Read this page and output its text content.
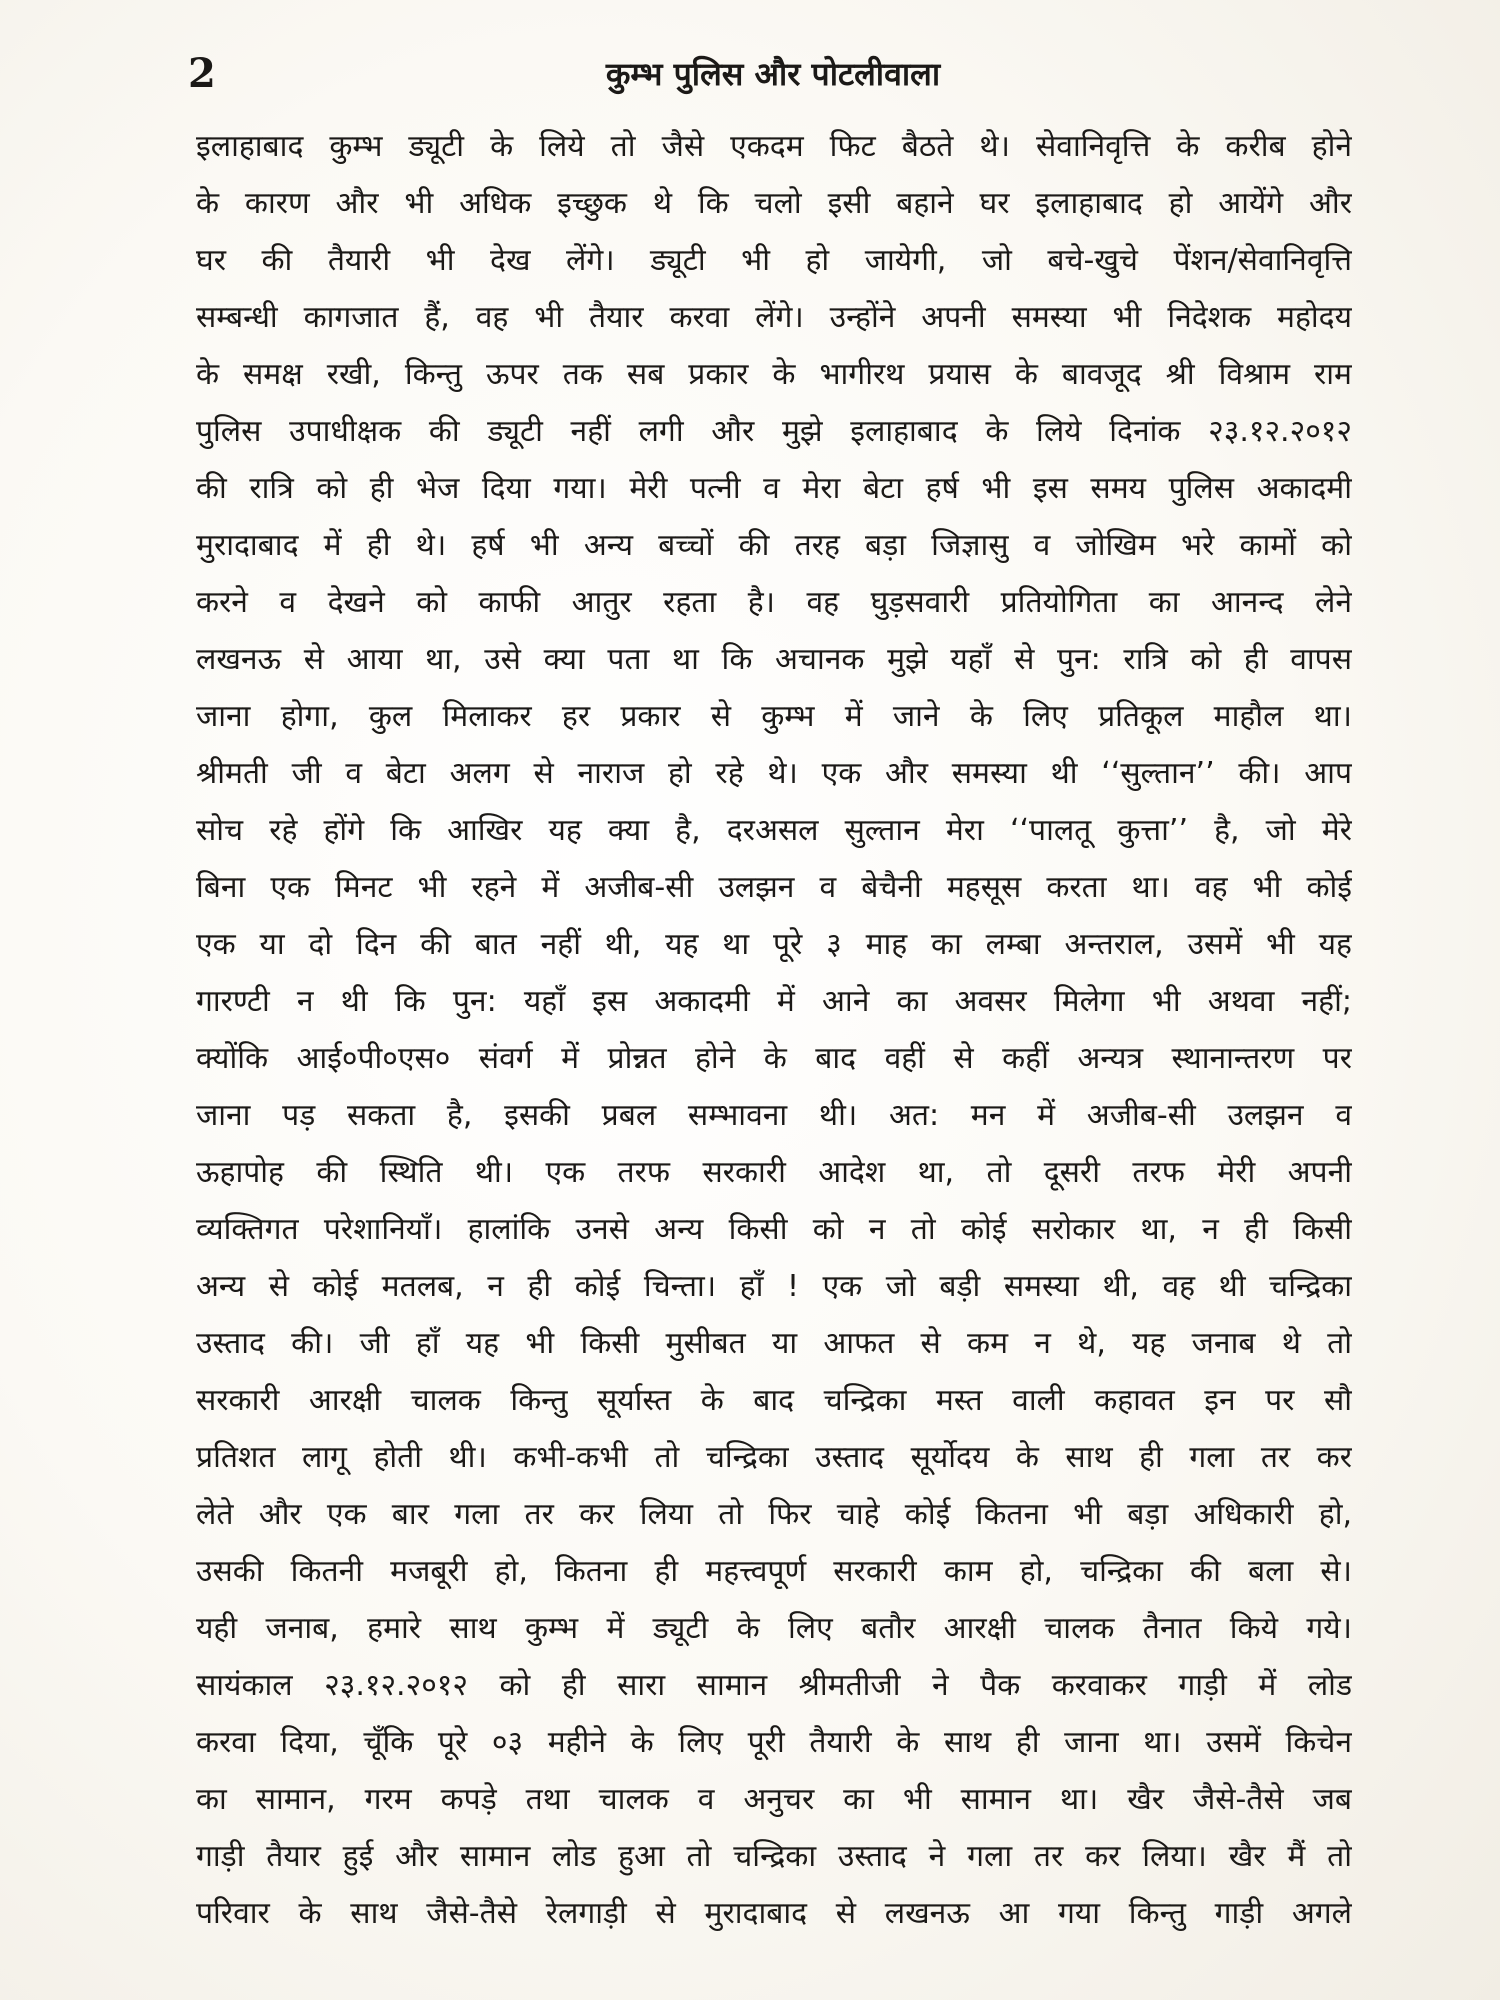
2	कुम्भ पुलिस और पोटलीवाला
इलाहाबाद कुम्भ ड्यूटी के लिये तो जैसे एकदम फिट बैठते थे। सेवानिवृत्ति के करीब होने
के कारण और भी अधिक इच्छुक थे कि चलो इसी बहाने घर इलाहाबाद हो आयेंगे और
घर की तैयारी भी देख लेंगे। ड्यूटी भी हो जायेगी, जो बचे-खुचे पेंशन/सेवानिवृत्ति
सम्बन्धी कागजात हैं, वह भी तैयार करवा लेंगे। उन्होंने अपनी समस्या भी निदेशक महोदय
के समक्ष रखी, किन्तु ऊपर तक सब प्रकार के भागीरथ प्रयास के बावजूद श्री विश्राम राम
पुलिस उपाधीक्षक की ड्यूटी नहीं लगी और मुझे इलाहाबाद के लिये दिनांक २३.१२.२०१२
की रात्रि को ही भेज दिया गया। मेरी पत्नी व मेरा बेटा हर्ष भी इस समय पुलिस अकादमी
मुरादाबाद में ही थे। हर्ष भी अन्य बच्चों की तरह बड़ा जिज्ञासु व जोखिम भरे कामों को
करने व देखने को काफी आतुर रहता है। वह घुड़सवारी प्रतियोगिता का आनन्द लेने
लखनऊ से आया था, उसे क्या पता था कि अचानक मुझे यहाँ से पुन: रात्रि को ही वापस
जाना होगा, कुल मिलाकर हर प्रकार से कुम्भ में जाने के लिए प्रतिकूल माहौल था।
श्रीमती जी व बेटा अलग से नाराज हो रहे थे। एक और समस्या थी ‘‘सुल्तान’’ की। आप
सोच रहे होंगे कि आखिर यह क्या है, दरअसल सुल्तान मेरा ‘‘पालतू कुत्ता’’ है, जो मेरे
बिना एक मिनट भी रहने में अजीब-सी उलझन व बेचैनी महसूस करता था। वह भी कोई
एक या दो दिन की बात नहीं थी, यह था पूरे ३ माह का लम्बा अन्तराल, उसमें भी यह
गारण्टी न थी कि पुन: यहाँ इस अकादमी में आने का अवसर मिलेगा भी अथवा नहीं;
क्योंकि आई०पी०एस० संवर्ग में प्रोन्नत होने के बाद वहीं से कहीं अन्यत्र स्थानान्तरण पर
जाना पड़ सकता है, इसकी प्रबल सम्भावना थी। अत: मन में अजीब-सी उलझन व
ऊहापोह की स्थिति थी। एक तरफ सरकारी आदेश था, तो दूसरी तरफ मेरी अपनी
व्यक्तिगत परेशानियाँ। हालांकि उनसे अन्य किसी को न तो कोई सरोकार था, न ही किसी
अन्य से कोई मतलब, न ही कोई चिन्ता। हाँ ! एक जो बड़ी समस्या थी, वह थी चन्द्रिका
उस्ताद की। जी हाँ यह भी किसी मुसीबत या आफत से कम न थे, यह जनाब थे तो
सरकारी आरक्षी चालक किन्तु सूर्यास्त के बाद चन्द्रिका मस्त वाली कहावत इन पर सौ
प्रतिशत लागू होती थी। कभी-कभी तो चन्द्रिका उस्ताद सूर्योदय के साथ ही गला तर कर
लेते और एक बार गला तर कर लिया तो फिर चाहे कोई कितना भी बड़ा अधिकारी हो,
उसकी कितनी मजबूरी हो, कितना ही महत्त्वपूर्ण सरकारी काम हो, चन्द्रिका की बला से।
यही जनाब, हमारे साथ कुम्भ में ड्यूटी के लिए बतौर आरक्षी चालक तैनात किये गये।
सायंकाल २३.१२.२०१२ को ही सारा सामान श्रीमतीजी ने पैक करवाकर गाड़ी में लोड
करवा दिया, चूँकि पूरे ०३ महीने के लिए पूरी तैयारी के साथ ही जाना था। उसमें किचेन
का सामान, गरम कपड़े तथा चालक व अनुचर का भी सामान था। खैर जैसे-तैसे जब
गाड़ी तैयार हुई और सामान लोड हुआ तो चन्द्रिका उस्ताद ने गला तर कर लिया। खैर मैं तो
परिवार के साथ जैसे-तैसे रेलगाड़ी से मुरादाबाद से लखनऊ आ गया किन्तु गाड़ी अगले
